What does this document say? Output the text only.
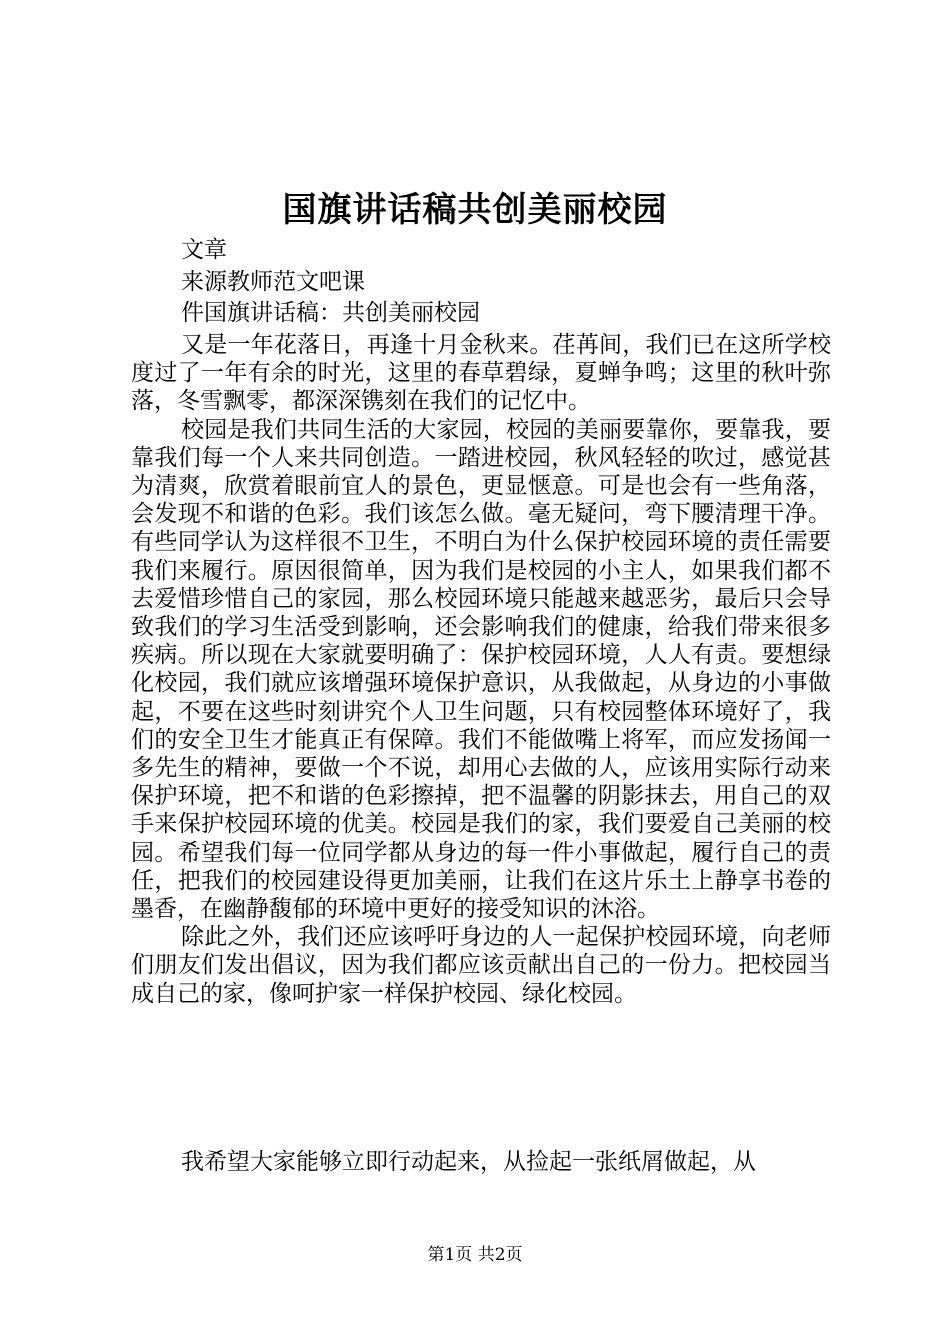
国旗讲话稿共创美丽校园
文章
来源教师范文吧课
件国旗讲话稿：共创美丽校园

又是一年花落日，再逢十月金秋来。荏苒间，我们已在这所学校度过了一年有余的时光，这里的春草碧绿，夏蝉争鸣；这里的秋叶弥落，冬雪飘零，都深深镌刻在我们的记忆中。

校园是我们共同生活的大家园，校园的美丽要靠你，要靠我，要靠我们每一个人来共同创造。一踏进校园，秋风轻轻的吹过，感觉甚为清爽，欣赏着眼前宜人的景色，更显惬意。可是也会有一些角落，会发现不和谐的色彩。我们该怎么做。毫无疑问，弯下腰清理干净。有些同学认为这样很不卫生，不明白为什么保护校园环境的责任需要我们来履行。原因很简单，因为我们是校园的小主人，如果我们都不去爱惜珍惜自己的家园，那么校园环境只能越来越恶劣，最后只会导致我们的学习生活受到影响，还会影响我们的健康，给我们带来很多疾病。所以现在大家就要明确了：保护校园环境，人人有责。要想绿化校园，我们就应该增强环境保护意识，从我做起，从身边的小事做起，不要在这些时刻讲究个人卫生问题，只有校园整体环境好了，我们的安全卫生才能真正有保障。我们不能做嘴上将军，而应发扬闻一多先生的精神，要做一个不说，却用心去做的人，应该用实际行动来保护环境，把不和谐的色彩擦掉，把不温馨的阴影抹去，用自己的双手来保护校园环境的优美。校园是我们的家，我们要爱自己美丽的校园。希望我们每一位同学都从身边的每一件小事做起，履行自己的责任，把我们的校园建设得更加美丽，让我们在这片乐土上静享书卷的墨香，在幽静馥郁的环境中更好的接受知识的沐浴。

除此之外，我们还应该呼吁身边的人一起保护校园环境，向老师们朋友们发出倡议，因为我们都应该贡献出自己的一份力。把校园当成自己的家，像呵护家一样保护校园、绿化校园。

我希望大家能够立即行动起来，从捡起一张纸屑做起，从

第1页 共2页
